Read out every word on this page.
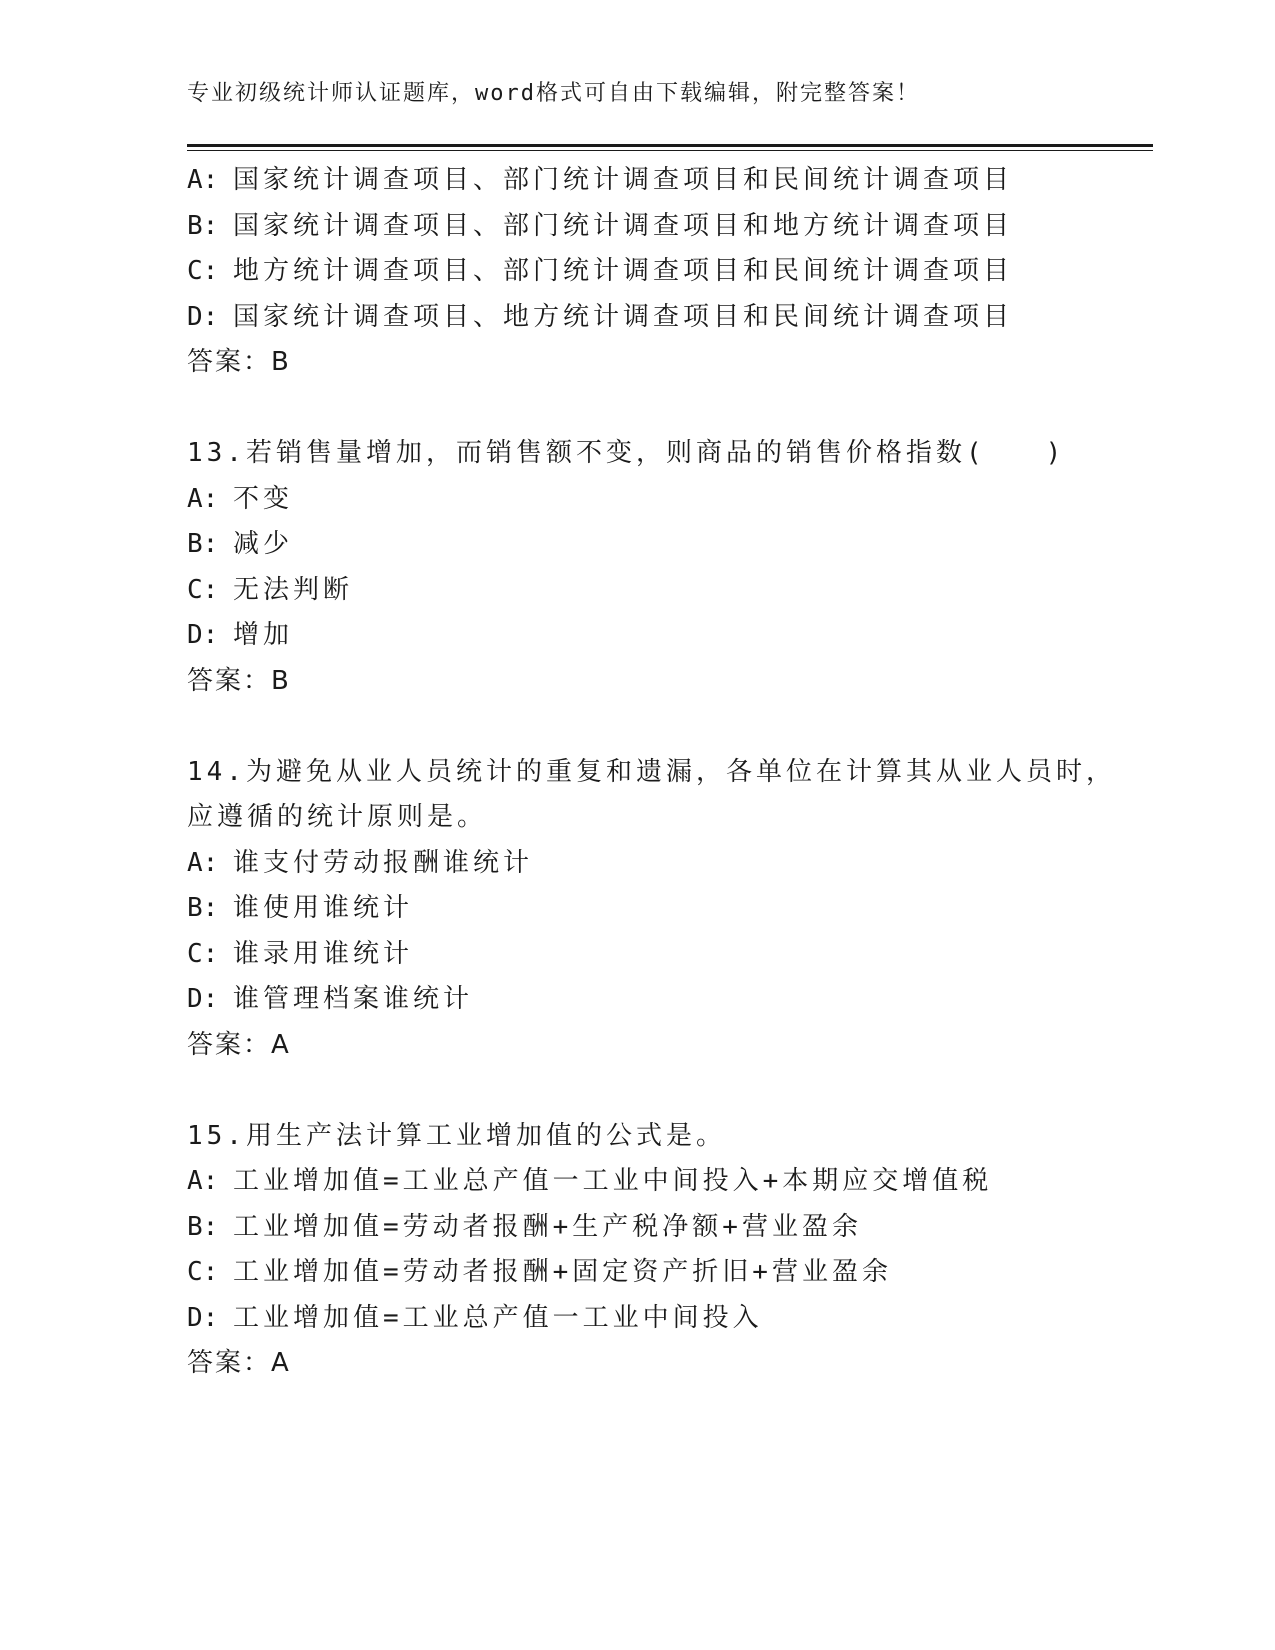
专业初级统计师认证题库，word格式可自由下载编辑，附完整答案！
A: 国家统计调查项目、部门统计调查项目和民间统计调查项目
B: 国家统计调查项目、部门统计调查项目和地方统计调查项目
C: 地方统计调查项目、部门统计调查项目和民间统计调查项目
D: 国家统计调查项目、地方统计调查项目和民间统计调查项目
答案：B
13.若销售量增加，而销售额不变，则商品的销售价格指数(　　)
A: 不变
B: 减少
C: 无法判断
D: 增加
答案：B
14.为避免从业人员统计的重复和遗漏，各单位在计算其从业人员时，
应遵循的统计原则是。
A: 谁支付劳动报酬谁统计
B: 谁使用谁统计
C: 谁录用谁统计
D: 谁管理档案谁统计
答案：A
15.用生产法计算工业增加值的公式是。
A: 工业增加值=工业总产值一工业中间投入+本期应交增值税
B: 工业增加值=劳动者报酬+生产税净额+营业盈余
C: 工业增加值=劳动者报酬+固定资产折旧+营业盈余
D: 工业增加值=工业总产值一工业中间投入
答案：A
